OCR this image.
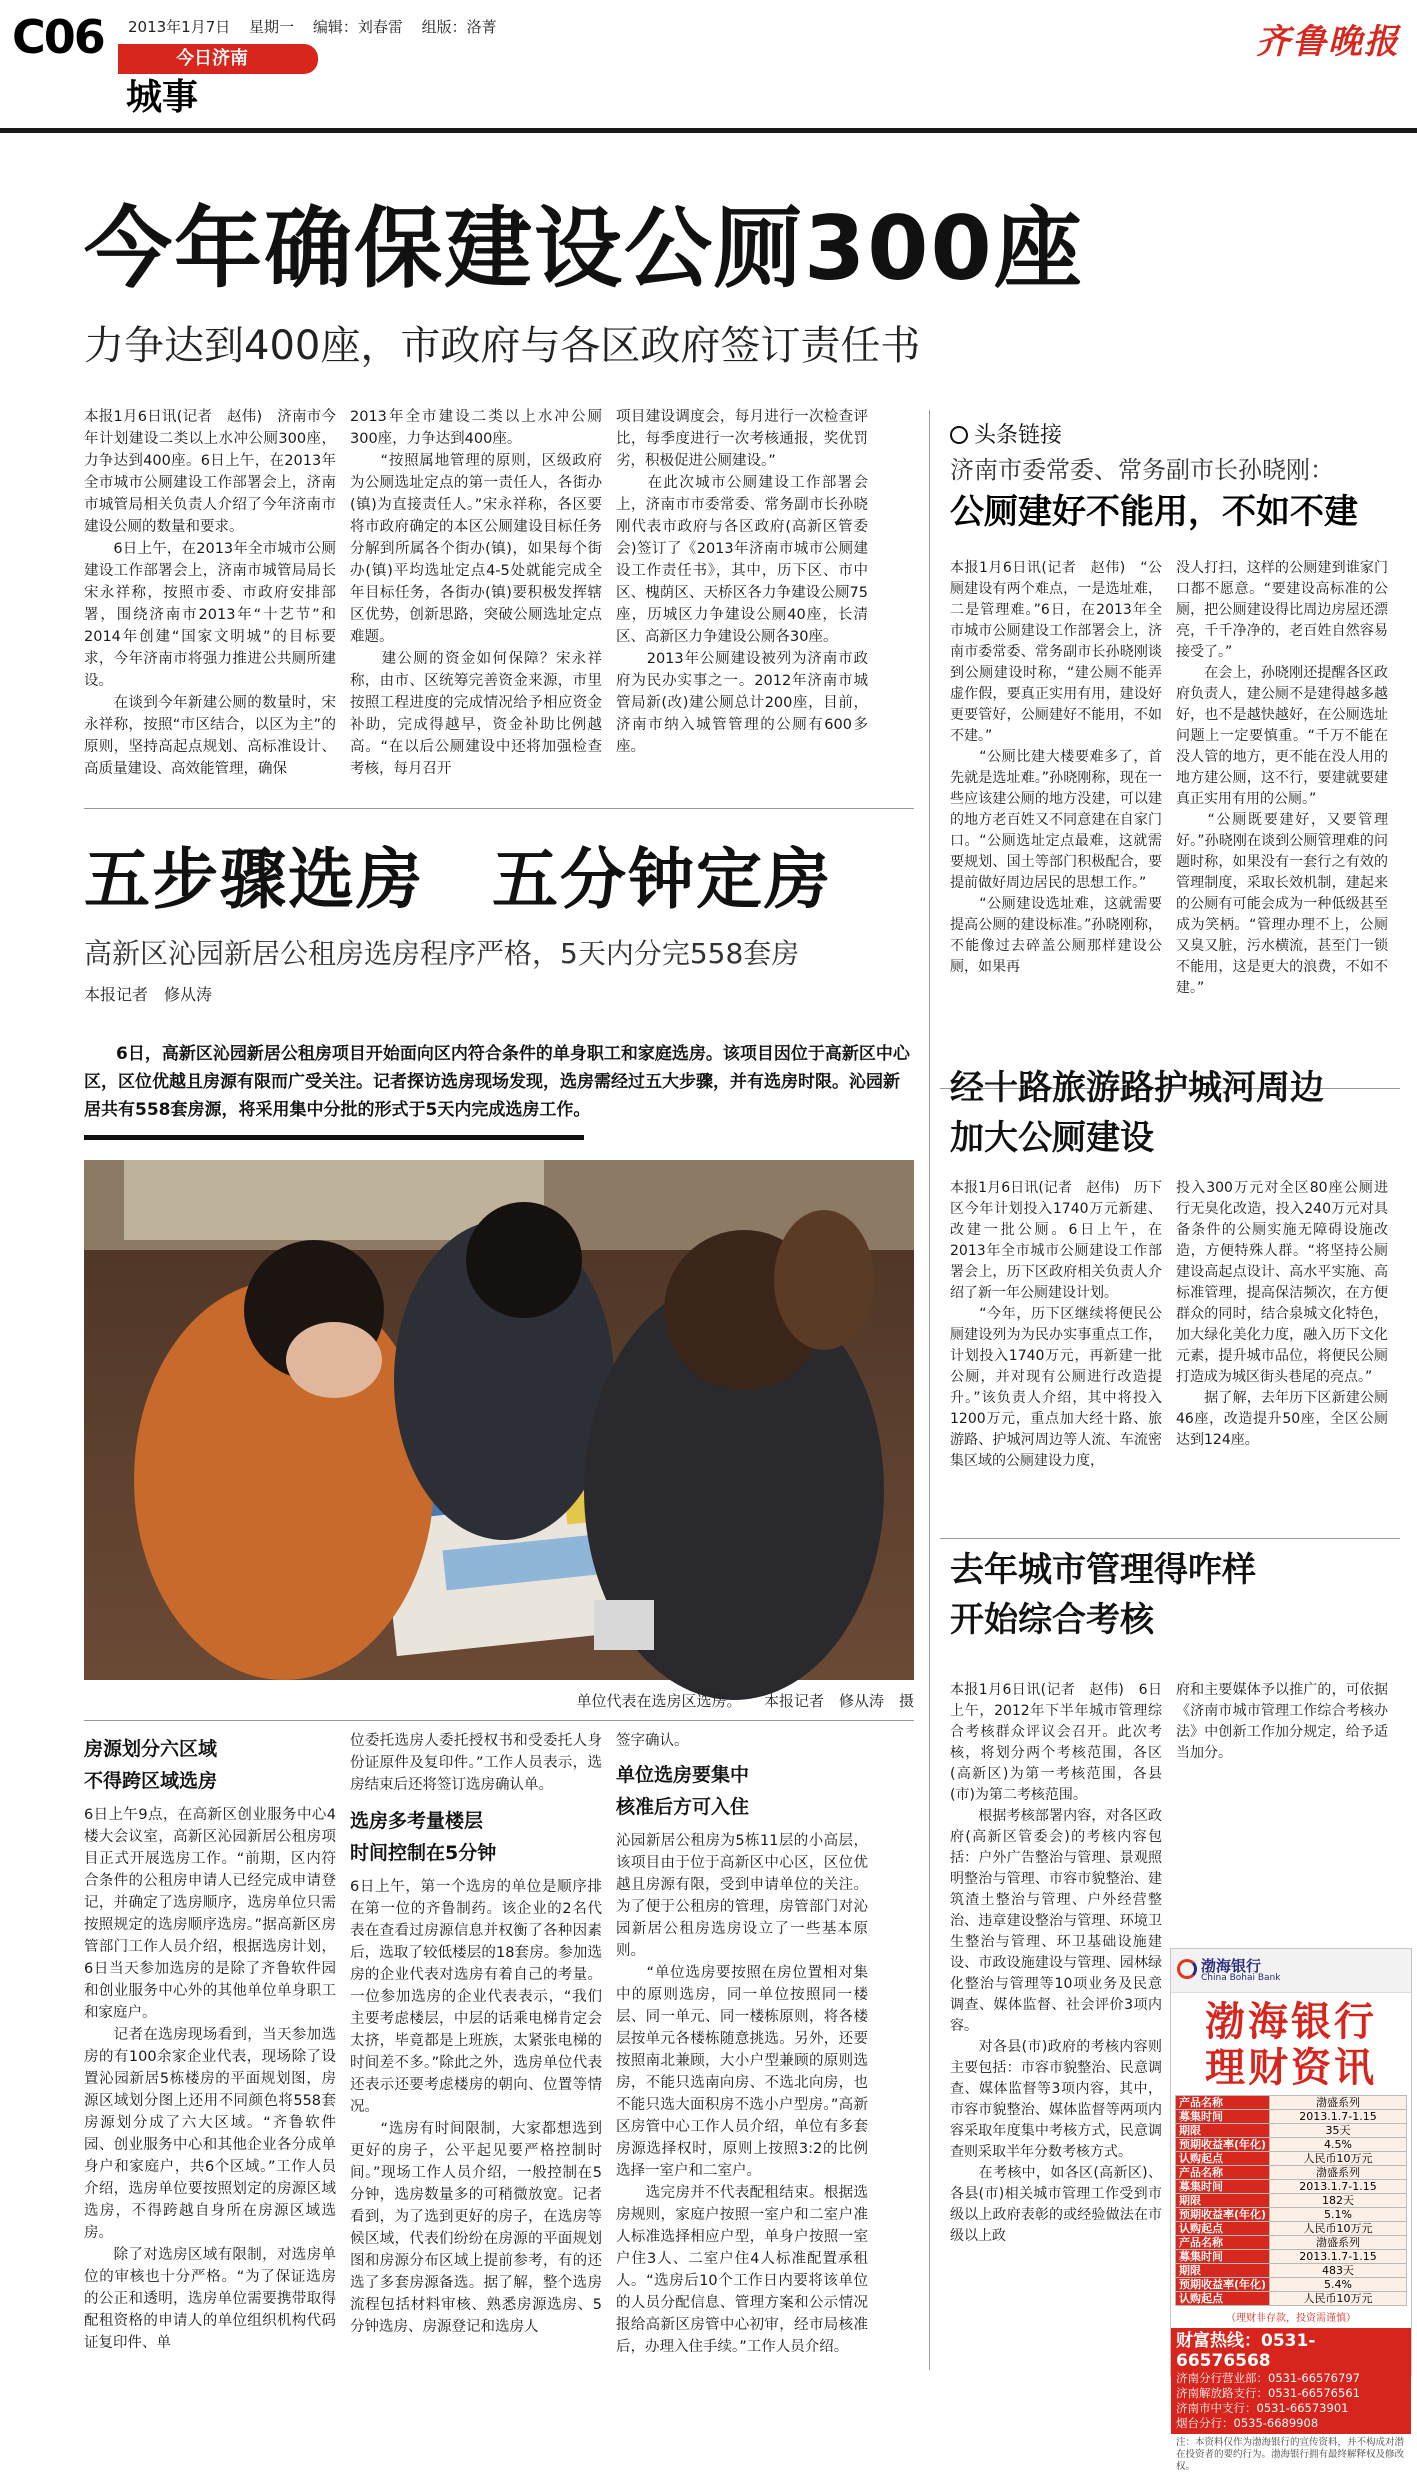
C06 2013年1月7日 星期一 编辑：刘春雷 组版：洛菁
今日济南
城事
齐鲁晚报
今年确保建设公厕300座
力争达到400座，市政府与各区政府签订责任书
本报1月6日讯(记者　赵伟)　济南市今年计划建设二类以上水冲公厕300座，力争达到400座。6日上午，在2013年全市城市公厕建设工作部署会上，济南市城管局相关负责人介绍了今年济南市建设公厕的数量和要求。
　　6日上午，在2013年全市城市公厕建设工作部署会上，济南市城管局局长宋永祥称，按照市委、市政府安排部署，围绕济南市2013年“十艺节”和2014年创建“国家文明城”的目标要求，今年济南市将强力推进公共厕所建设。
　　在谈到今年新建公厕的数量时，宋永祥称，按照“市区结合，以区为主”的原则，坚持高起点规划、高标准设计、高质量建设、高效能管理，确保
2013年全市建设二类以上水冲公厕300座，力争达到400座。
　　“按照属地管理的原则，区级政府为公厕选址定点的第一责任人，各街办(镇)为直接责任人。”宋永祥称，各区要将市政府确定的本区公厕建设目标任务分解到所属各个街办(镇)，如果每个街办(镇)平均选址定点4-5处就能完成全年目标任务，各街办(镇)要积极发挥辖区优势，创新思路，突破公厕选址定点难题。
　　建公厕的资金如何保障？宋永祥称，由市、区统筹完善资金来源，市里按照工程进度的完成情况给予相应资金补助，完成得越早，资金补助比例越高。“在以后公厕建设中还将加强检查考核，每月召开
项目建设调度会，每月进行一次检查评比，每季度进行一次考核通报，奖优罚劣，积极促进公厕建设。”
　　在此次城市公厕建设工作部署会上，济南市市委常委、常务副市长孙晓刚代表市政府与各区政府(高新区管委会)签订了《2013年济南市城市公厕建设工作责任书》，其中，历下区、市中区、槐荫区、天桥区各力争建设公厕75座，历城区力争建设公厕40座，长清区、高新区力争建设公厕各30座。
　　2013年公厕建设被列为济南市政府为民办实事之一。2012年济南市城管局新(改)建公厕总计200座，目前，济南市纳入城管管理的公厕有600多座。
头条链接
济南市委常委、常务副市长孙晓刚：
公厕建好不能用，不如不建
本报1月6日讯(记者　赵伟)　“公厕建设有两个难点，一是选址难，二是管理难。”6日，在2013年全市城市公厕建设工作部署会上，济南市委常委、常务副市长孙晓刚谈到公厕建设时称，“建公厕不能弄虚作假，要真正实用有用，建设好更要管好，公厕建好不能用，不如不建。”
　　“公厕比建大楼要难多了，首先就是选址难。”孙晓刚称，现在一些应该建公厕的地方没建，可以建的地方老百姓又不同意建在自家门口。“公厕选址定点最难，这就需要规划、国土等部门积极配合，要提前做好周边居民的思想工作。”
　　“公厕建设选址难，这就需要提高公厕的建设标准。”孙晓刚称，不能像过去碎盖公厕那样建设公厕，如果再
没人打扫，这样的公厕建到谁家门口都不愿意。“要建设高标准的公厕，把公厕建设得比周边房屋还漂亮，千千净净的，老百姓自然容易接受了。”
　　在会上，孙晓刚还提醒各区政府负责人，建公厕不是建得越多越好，也不是越快越好，在公厕选址问题上一定要慎重。“千万不能在没人管的地方，更不能在没人用的地方建公厕，这不行，要建就要建真正实用有用的公厕。”
　　“公厕既要建好，又要管理好。”孙晓刚在谈到公厕管理难的问题时称，如果没有一套行之有效的管理制度，采取长效机制，建起来的公厕有可能会成为一种低级甚至成为笑柄。“管理办理不上，公厕又臭又脏，污水横流，甚至门一锁不能用，这是更大的浪费，不如不建。”
经十路旅游路护城河周边
加大公厕建设
本报1月6日讯(记者　赵伟)　历下区今年计划投入1740万元新建、改建一批公厕。6日上午，在2013年全市城市公厕建设工作部署会上，历下区政府相关负责人介绍了新一年公厕建设计划。
　　“今年，历下区继续将便民公厕建设列为为民办实事重点工作，计划投入1740万元，再新建一批公厕，并对现有公厕进行改造提升。”该负责人介绍，其中将投入1200万元，重点加大经十路、旅游路、护城河周边等人流、车流密集区域的公厕建设力度，
投入300万元对全区80座公厕进行无臭化改造，投入240万元对具备条件的公厕实施无障碍设施改造，方便特殊人群。“将坚持公厕建设高起点设计、高水平实施、高标准管理，提高保洁频次，在方便群众的同时，结合泉城文化特色，加大绿化美化力度，融入历下文化元素，提升城市品位，将便民公厕打造成为城区街头巷尾的亮点。”
　　据了解，去年历下区新建公厕46座，改造提升50座，全区公厕达到124座。
去年城市管理得咋样
开始综合考核
本报1月6日讯(记者　赵伟)　6日上午，2012年下半年城市管理综合考核群众评议会召开。此次考核，将划分两个考核范围，各区(高新区)为第一考核范围，各县(市)为第二考核范围。
　　根据考核部署内容，对各区政府(高新区管委会)的考核内容包括：户外广告整治与管理、景观照明整治与管理、市容市貌整治、建筑渣土整治与管理、户外经营整治、违章建设整治与管理、环境卫生整治与管理、环卫基础设施建设、市政设施建设与管理、园林绿化整治与管理等10项业务及民意调查、媒体监督、社会评价3项内容。
　　对各县(市)政府的考核内容则主要包括：市容市貌整治、民意调查、媒体监督等3项内容，其中，市容市貌整治、媒体监督等两项内容采取年度集中考核方式，民意调查则采取半年分数考核方式。
　　在考核中，如各区(高新区)、各县(市)相关城市管理工作受到市级以上政府表彰的或经验做法在市级以上政
府和主要媒体予以推广的，可依据《济南市城市管理工作综合考核办法》中创新工作加分规定，给予适当加分。
五步骤选房　五分钟定房
高新区沁园新居公租房选房程序严格，5天内分完558套房
本报记者　修从涛
6日，高新区沁园新居公租房项目开始面向区内符合条件的单身职工和家庭选房。该项目因位于高新区中心区，区位优越且房源有限而广受关注。记者探访选房现场发现，选房需经过五大步骤，并有选房时限。沁园新居共有558套房源，将采用集中分批的形式于5天内完成选房工作。
单位代表在选房区选房。　　本报记者　修从涛　摄
房源划分六区域
不得跨区域选房
6日上午9点，在高新区创业服务中心4楼大会议室，高新区沁园新居公租房项目正式开展选房工作。“前期，区内符合条件的公租房申请人已经完成申请登记，并确定了选房顺序，选房单位只需按照规定的选房顺序选房。”据高新区房管部门工作人员介绍，根据选房计划，6日当天参加选房的是除了齐鲁软件园和创业服务中心外的其他单位单身职工和家庭户。
　　记者在选房现场看到，当天参加选房的有100余家企业代表，现场除了设置沁园新居5栋楼房的平面规划图，房源区域划分图上还用不同颜色将558套房源划分成了六大区域。“齐鲁软件园、创业服务中心和其他企业各分成单身户和家庭户，共6个区域。”工作人员介绍，选房单位要按照划定的房源区域选房，不得跨越自身所在房源区域选房。
　　除了对选房区域有限制，对选房单位的审核也十分严格。“为了保证选房的公正和透明，选房单位需要携带取得配租资格的申请人的单位组织机构代码证复印件、单
位委托选房人委托授权书和受委托人身份证原件及复印件。”工作人员表示，选房结束后还将签订选房确认单。
选房多考量楼层
时间控制在5分钟
6日上午，第一个选房的单位是顺序排在第一位的齐鲁制药。该企业的2名代表在查看过房源信息并权衡了各种因素后，选取了较低楼层的18套房。参加选房的企业代表对选房有着自己的考量。一位参加选房的企业代表表示，“我们主要考虑楼层，中层的话乘电梯肯定会太挤，毕竟都是上班族，太紧张电梯的时间差不多。”除此之外，选房单位代表还表示还要考虑楼房的朝向、位置等情况。
　　“选房有时间限制，大家都想选到更好的房子，公平起见要严格控制时间。”现场工作人员介绍，一般控制在5分钟，选房数量多的可稍微放宽。记者看到，为了选到更好的房子，在选房等候区域，代表们纷纷在房源的平面规划图和房源分布区域上提前参考，有的还选了多套房源备选。据了解，整个选房流程包括材料审核、熟悉房源选房、5分钟选房、房源登记和选房人
签字确认。
单位选房要集中
核准后方可入住
沁园新居公租房为5栋11层的小高层，该项目由于位于高新区中心区，区位优越且房源有限，受到申请单位的关注。为了便于公租房的管理，房管部门对沁园新居公租房选房设立了一些基本原则。
　　“单位选房要按照在房位置相对集中的原则选房，同一单位按照同一楼层、同一单元、同一楼栋原则，将各楼层按单元各楼栋随意挑选。另外，还要按照南北兼顾，大小户型兼顾的原则选房，不能只选南向房、不选北向房，也不能只选大面积房不选小户型房。”高新区房管中心工作人员介绍，单位有多套房源选择权时，原则上按照3:2的比例选择一室户和二室户。
　　选完房并不代表配租结束。根据选房规则，家庭户按照一室户和二室户准人标准选择相应户型，单身户按照一室户住3人、二室户住4人标准配置承租人。“选房后10个工作日内要将该单位的人员分配信息、管理方案和公示情况报给高新区房管中心初审，经市局核准后，办理入住手续。”工作人员介绍。
渤海银行
China Bohai Bank
渤海银行
理财资讯
产品名称	渤盛系列
募集时间	2013.1.7-1.15
期限	35天
预期收益率(年化)	4.5%
认购起点	人民币10万元
产品名称	渤盛系列
募集时间	2013.1.7-1.15
期限	182天
预期收益率(年化)	5.1%
认购起点	人民币10万元
产品名称	渤盛系列
募集时间	2013.1.7-1.15
期限	483天
预期收益率(年化)	5.4%
认购起点	人民币10万元
（理财非存款，投资需谨慎）
财富热线：0531-66576568
济南分行营业部：0531-66576797
济南解放路支行：0531-66576561
济南市中支行：0531-66573901
烟台分行：0535-6689908
注：本资料仅作为渤海银行的宣传资料，并不构成对潜在投资者的要约行为。渤海银行拥有最终解释权及修改权。
